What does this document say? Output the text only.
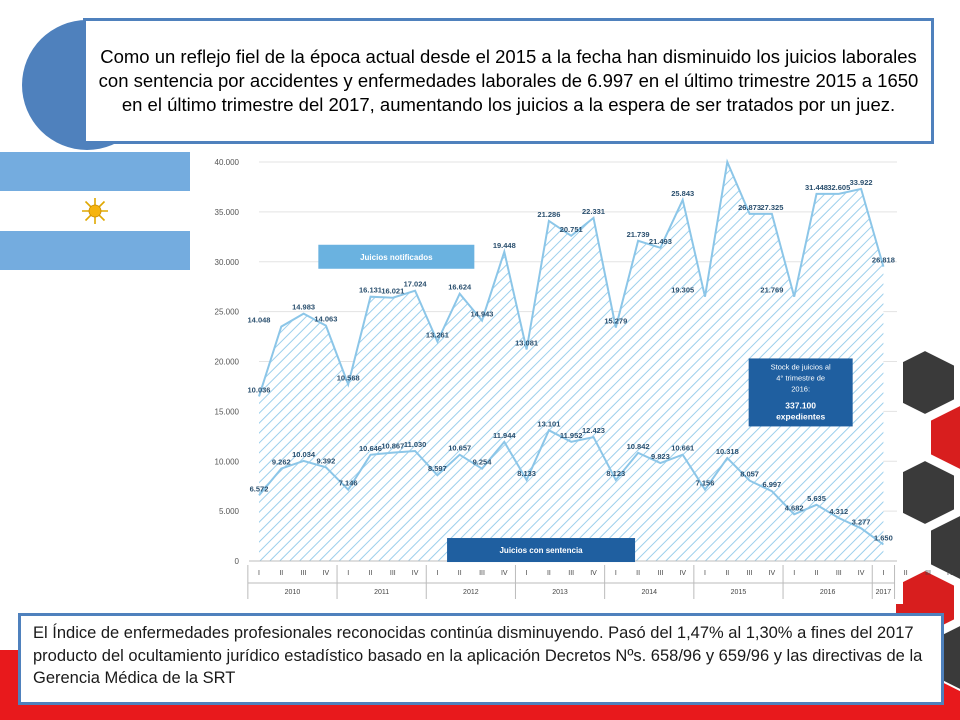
Como un reflejo fiel de la época actual desde el 2015 a la fecha han disminuido los juicios laborales con sentencia por accidentes y enfermedades laborales de 6.997 en el último trimestre 2015 a 1650 en el último trimestre del 2017, aumentando los juicios a la espera de ser tratados por un juez.

0
5.000
10.000
15.000
20.000
25.000
30.000
35.000
40.000
I	II III IV	I	II III IV	I	II III IV	I	II III IV	I	II III IV	I	II III IV	I	II III IV	I	II III IV
2010	2011	2012	2013	2014	2015	2016	2017
10.036
14.048
14.983
14.063
10.568
16.131 16.021
17.024
13.261
16.624
14.943
19.448
13.081
21.286
20.751
22.331
15.279
21.739
21.493
25.843
19.305
26.873 27.325
21.769
31.448 32.605
33.922
26.818
6.572
9.262
10.034
9.392
7.146
10.646 10.867 11.030
8.597
10.657
9.254
11.944
8.133
13.101
11.952
12.423
8.123
10.842
9.823
10.661
7.156
10.318
8.057
6.997
4.682
5.635
4.312
3.277
1.650
Juicios notificados
Juicios con sentencia
Stock de juicios al
4° trimestre de
2016:
337.100
expedientes

El Índice de enfermedades profesionales reconocidas continúa disminuyendo. Pasó del 1,47% al 1,30% a fines del 2017 producto del ocultamiento jurídico estadístico basado en la aplicación Decretos Nºs. 658/96 y 659/96 y las directivas de la Gerencia Médica de la SRT
